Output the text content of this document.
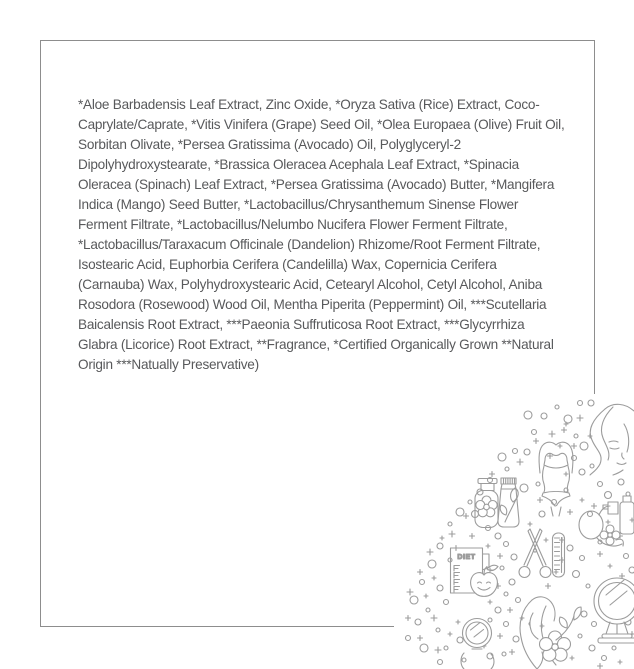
*Aloe Barbadensis Leaf Extract, Zinc Oxide, *Oryza Sativa (Rice) Extract, Coco-Caprylate/Caprate, *Vitis Vinifera (Grape) Seed Oil, *Olea Europaea (Olive) Fruit Oil, Sorbitan Olivate, *Persea Gratissima (Avocado) Oil, Polyglyceryl-2 Dipolyhydroxystearate, *Brassica Oleracea Acephala Leaf Extract, *Spinacia Oleracea (Spinach) Leaf Extract, *Persea Gratissima (Avocado) Butter, *Mangifera Indica (Mango) Seed Butter, *Lactobacillus/Chrysanthemum Sinense Flower Ferment Filtrate, *Lactobacillus/Nelumbo Nucifera Flower Ferment Filtrate, *Lactobacillus/Taraxacum Officinale (Dandelion) Rhizome/Root Ferment Filtrate, Isostearic Acid, Euphorbia Cerifera (Candelilla) Wax, Copernicia Cerifera (Carnauba) Wax, Polyhydroxystearic Acid, Cetearyl Alcohol, Cetyl Alcohol, Aniba Rosodora (Rosewood) Wood Oil, Mentha Piperita (Peppermint) Oil, ***Scutellaria Baicalensis Root Extract, ***Paeonia Suffruticosa Root Extract, ***Glycyrrhiza Glabra (Licorice) Root Extract, **Fragrance, *Certified Organically Grown **Natural Origin ***Natually Preservative)

DIET
